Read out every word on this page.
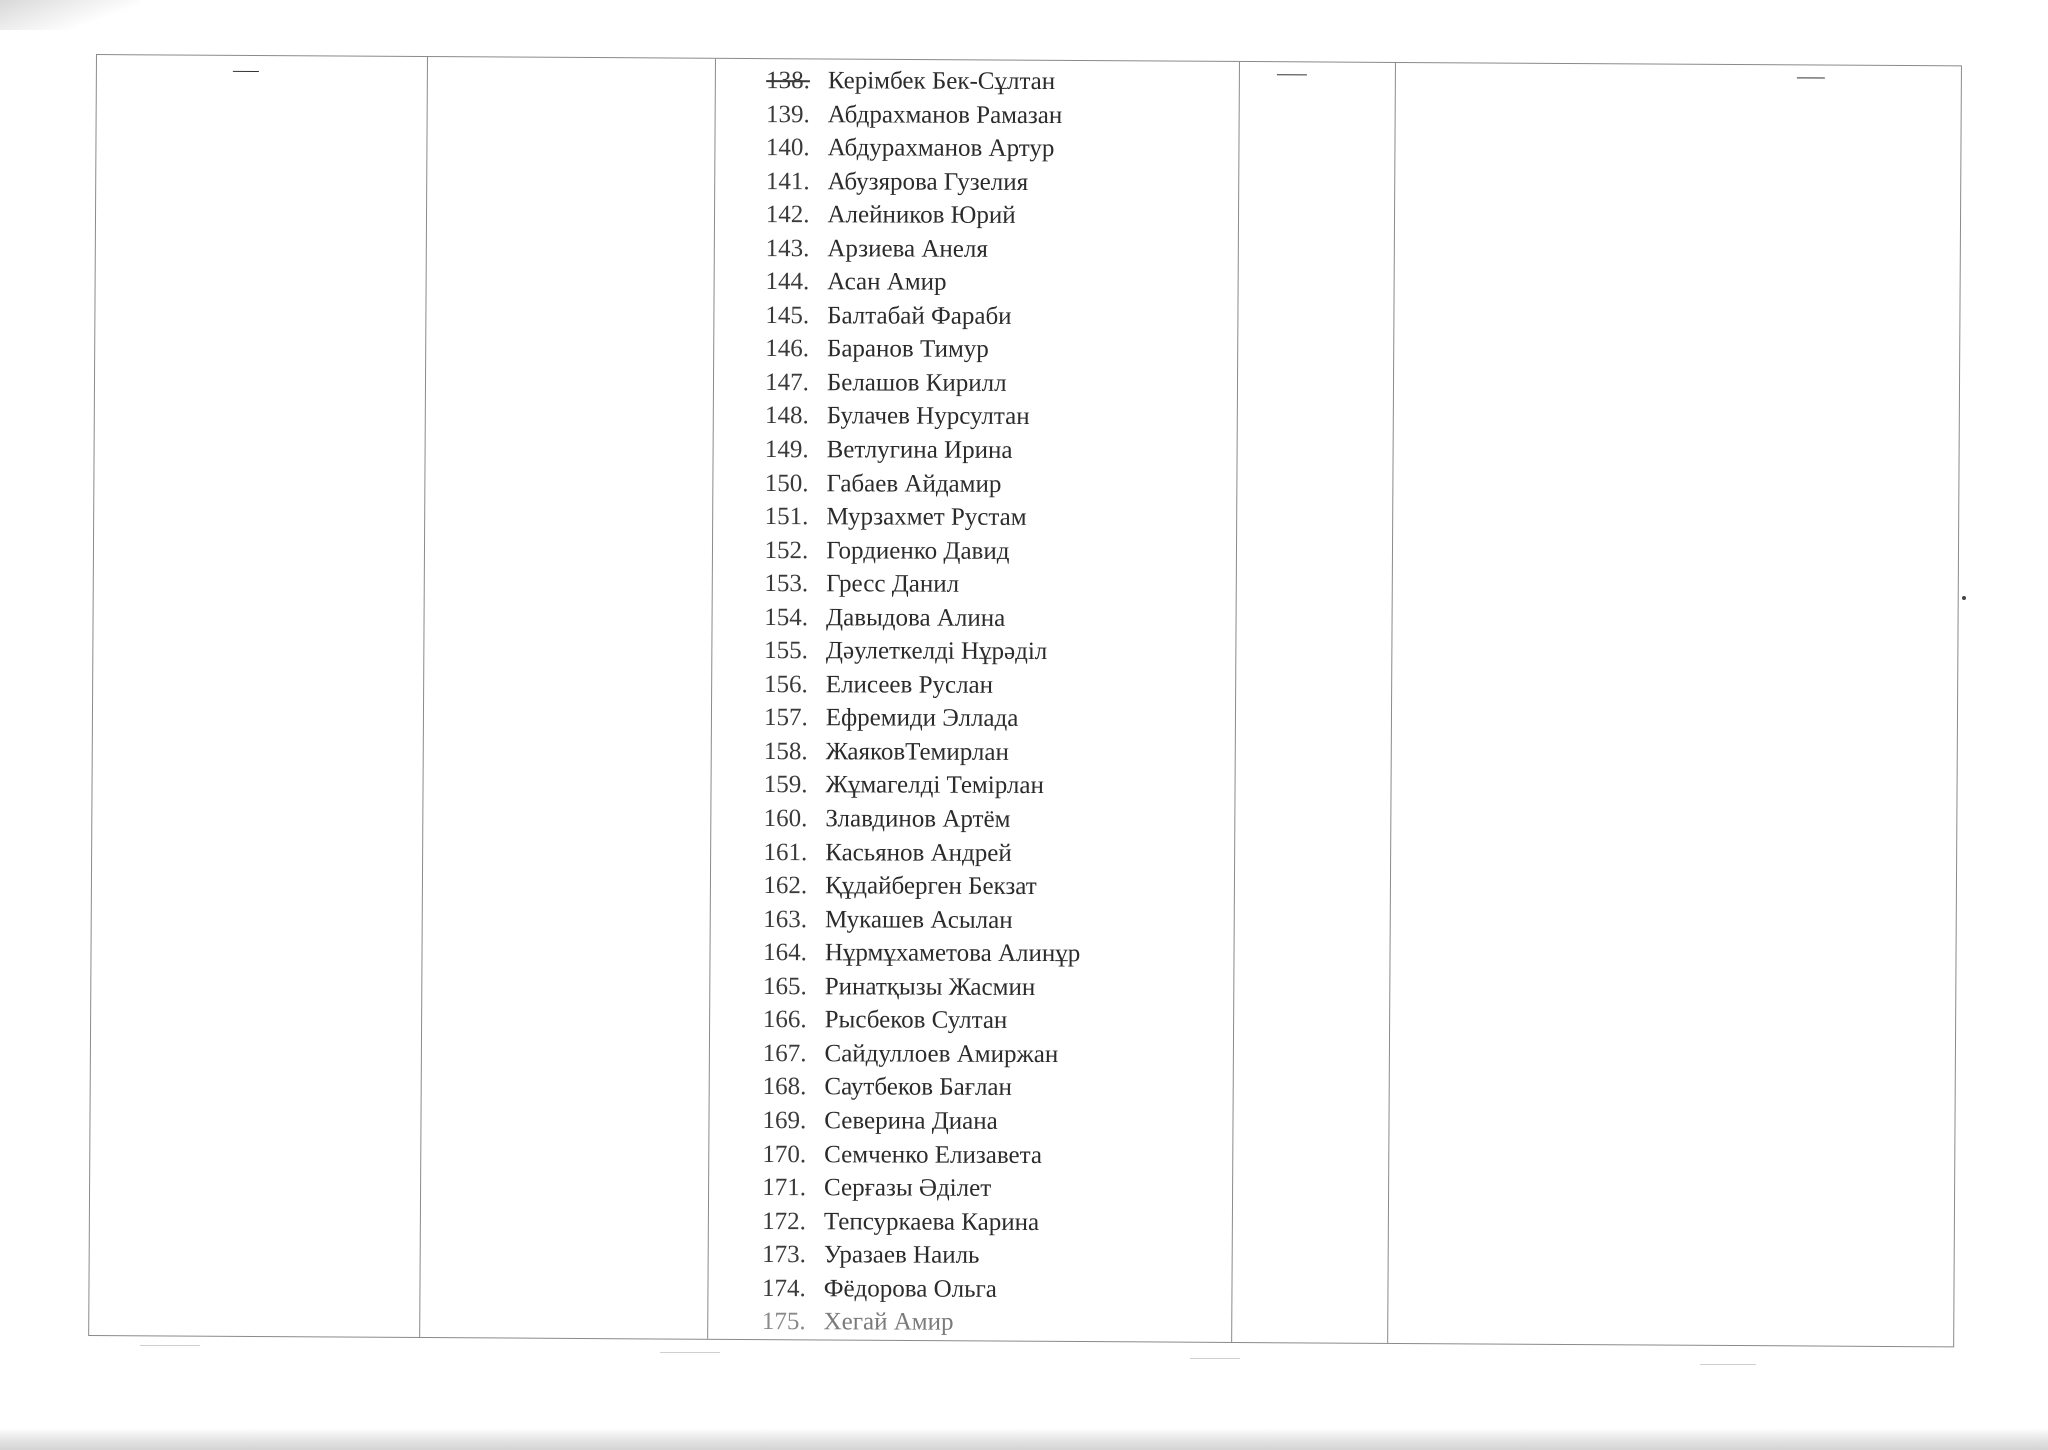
138. Керімбек Бек-Сұлтан
139. Абдрахманов Рамазан
140. Абдурахманов Артур
141. Абузярова Гузелия
142. Алейников Юрий
143. Арзиева Анеля
144. Асан Амир
145. Балтабай Фараби
146. Баранов Тимур
147. Белашов Кирилл
148. Булачев Нурсултан
149. Ветлугина Ирина
150. Габаев Айдамир
151. Мурзахмет Рустам
152. Гордиенко Давид
153. Гресс Данил
154. Давыдова Алина
155. Дәулеткелді Нұрәділ
156. Елисеев Руслан
157. Ефремиди Эллада
158. ЖаяковТемирлан
159. Жұмагелді Темірлан
160. Злавдинов Артём
161. Касьянов Андрей
162. Құдайберген Бекзат
163. Мукашев Асылан
164. Нұрмұхаметова Алинұр
165. Ринатқызы Жасмин
166. Рысбеков Султан
167. Сайдуллоев Амиржан
168. Саутбеков Бағлан
169. Северина Диана
170. Семченко Елизавета
171. Серғазы Әділет
172. Тепсуркаева Карина
173. Уразаев Наиль
174. Фёдорова Ольга
175. Хегай Амир
